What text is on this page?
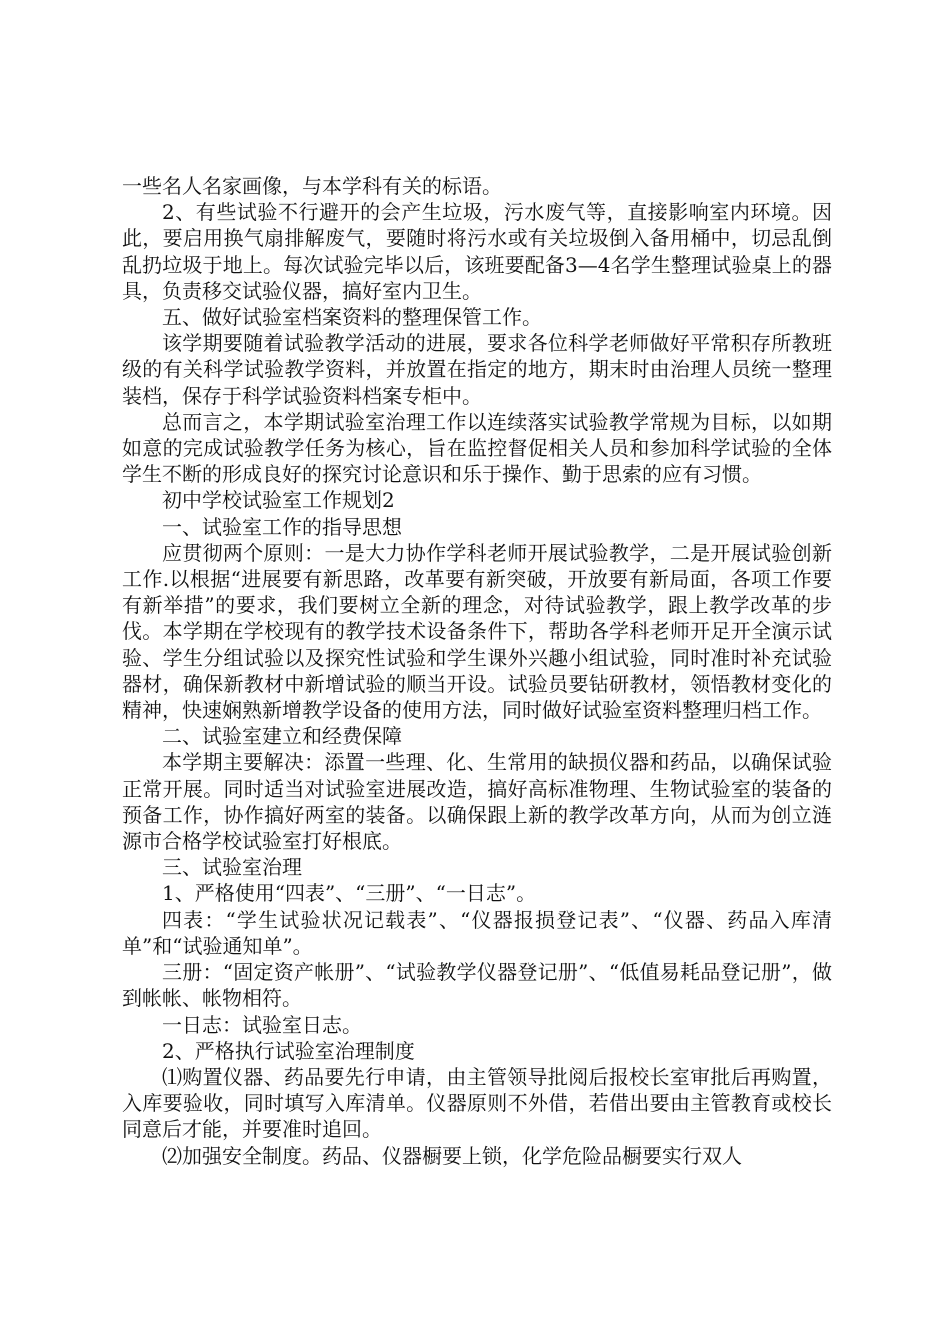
一些名人名家画像，与本学科有关的标语。

2、有些试验不行避开的会产生垃圾，污水废气等，直接影响室内环境。因此，要启用换气扇排解废气，要随时将污水或有关垃圾倒入备用桶中，切忌乱倒乱扔垃圾于地上。每次试验完毕以后，该班要配备3—4名学生整理试验桌上的器具，负责移交试验仪器，搞好室内卫生。

五、做好试验室档案资料的整理保管工作。

该学期要随着试验教学活动的进展，要求各位科学老师做好平常积存所教班级的有关科学试验教学资料，并放置在指定的地方，期末时由治理人员统一整理装档，保存于科学试验资料档案专柜中。

总而言之，本学期试验室治理工作以连续落实试验教学常规为目标，以如期如意的完成试验教学任务为核心，旨在监控督促相关人员和参加科学试验的全体学生不断的形成良好的探究讨论意识和乐于操作、勤于思索的应有习惯。

初中学校试验室工作规划2

一、试验室工作的指导思想

应贯彻两个原则：一是大力协作学科老师开展试验教学，二是开展试验创新工作.以根据“进展要有新思路，改革要有新突破，开放要有新局面，各项工作要有新举措”的要求，我们要树立全新的理念，对待试验教学，跟上教学改革的步伐。本学期在学校现有的教学技术设备条件下，帮助各学科老师开足开全演示试验、学生分组试验以及探究性试验和学生课外兴趣小组试验，同时准时补充试验器材，确保新教材中新增试验的顺当开设。试验员要钻研教材，领悟教材变化的精神，快速娴熟新增教学设备的使用方法，同时做好试验室资料整理归档工作。

二、试验室建立和经费保障

本学期主要解决：添置一些理、化、生常用的缺损仪器和药品，以确保试验正常开展。同时适当对试验室进展改造，搞好高标准物理、生物试验室的装备的预备工作，协作搞好两室的装备。以确保跟上新的教学改革方向，从而为创立涟源市合格学校试验室打好根底。

三、试验室治理

1、严格使用“四表”、“三册”、“一日志”。

四表：“学生试验状况记载表”、“仪器报损登记表”、“仪器、药品入库清单”和“试验通知单”。

三册：“固定资产帐册”、“试验教学仪器登记册”、“低值易耗品登记册”，做到帐帐、帐物相符。

一日志：试验室日志。

2、严格执行试验室治理制度

⑴购置仪器、药品要先行申请，由主管领导批阅后报校长室审批后再购置，入库要验收，同时填写入库清单。仪器原则不外借，若借出要由主管教育或校长同意后才能，并要准时追回。

⑵加强安全制度。药品、仪器橱要上锁，化学危险品橱要实行双人
